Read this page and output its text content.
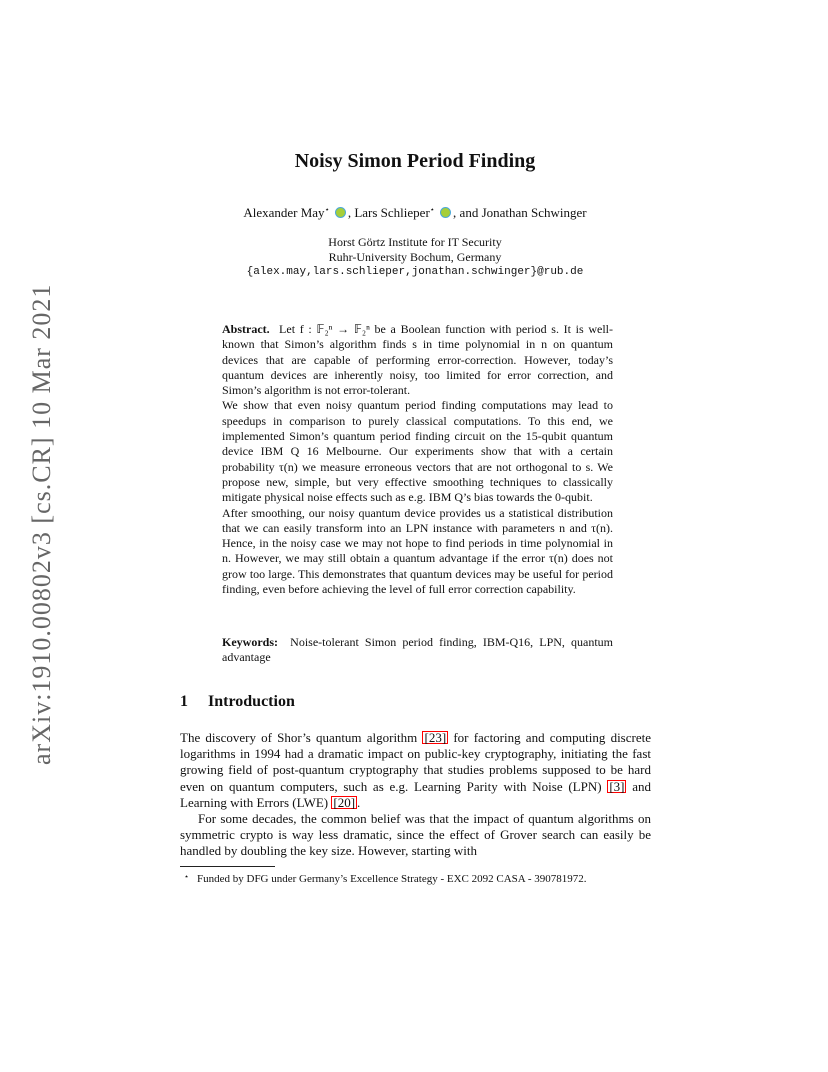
arXiv:1910.00802v3 [cs.CR] 10 Mar 2021
Noisy Simon Period Finding
Alexander May⋆ , Lars Schlieper⋆ , and Jonathan Schwinger
Horst Görtz Institute for IT Security
Ruhr-University Bochum, Germany
{alex.may,lars.schlieper,jonathan.schwinger}@rub.de

Abstract. Let f : 𝔽₂ⁿ → 𝔽₂ⁿ be a Boolean function with period s. It is well-known that Simon’s algorithm finds s in time polynomial in n on quantum devices that are capable of performing error-correction. However, today’s quantum devices are inherently noisy, too limited for error correction, and Simon’s algorithm is not error-tolerant.

We show that even noisy quantum period finding computations may lead to speedups in comparison to purely classical computations. To this end, we implemented Simon’s quantum period finding circuit on the 15-qubit quantum device IBM Q 16 Melbourne. Our experiments show that with a certain probability τ(n) we measure erroneous vectors that are not orthogonal to s. We propose new, simple, but very effective smoothing techniques to classically mitigate physical noise effects such as e.g. IBM Q’s bias towards the 0-qubit.

After smoothing, our noisy quantum device provides us a statistical distribution that we can easily transform into an LPN instance with parameters n and τ(n). Hence, in the noisy case we may not hope to find periods in time polynomial in n. However, we may still obtain a quantum advantage if the error τ(n) does not grow too large. This demonstrates that quantum devices may be useful for period finding, even before achieving the level of full error correction capability.

Keywords: Noise-tolerant Simon period finding, IBM-Q16, LPN, quantum advantage
1 Introduction

The discovery of Shor’s quantum algorithm [23] for factoring and computing discrete logarithms in 1994 had a dramatic impact on public-key cryptography, initiating the fast growing field of post-quantum cryptography that studies problems supposed to be hard even on quantum computers, such as e.g. Learning Parity with Noise (LPN) [3] and Learning with Errors (LWE) [20] .

For some decades, the common belief was that the impact of quantum algorithms on symmetric crypto is way less dramatic, since the effect of Grover search can easily be handled by doubling the key size. However, starting with

⋆ Funded by DFG under Germany’s Excellence Strategy - EXC 2092 CASA - 390781972.
